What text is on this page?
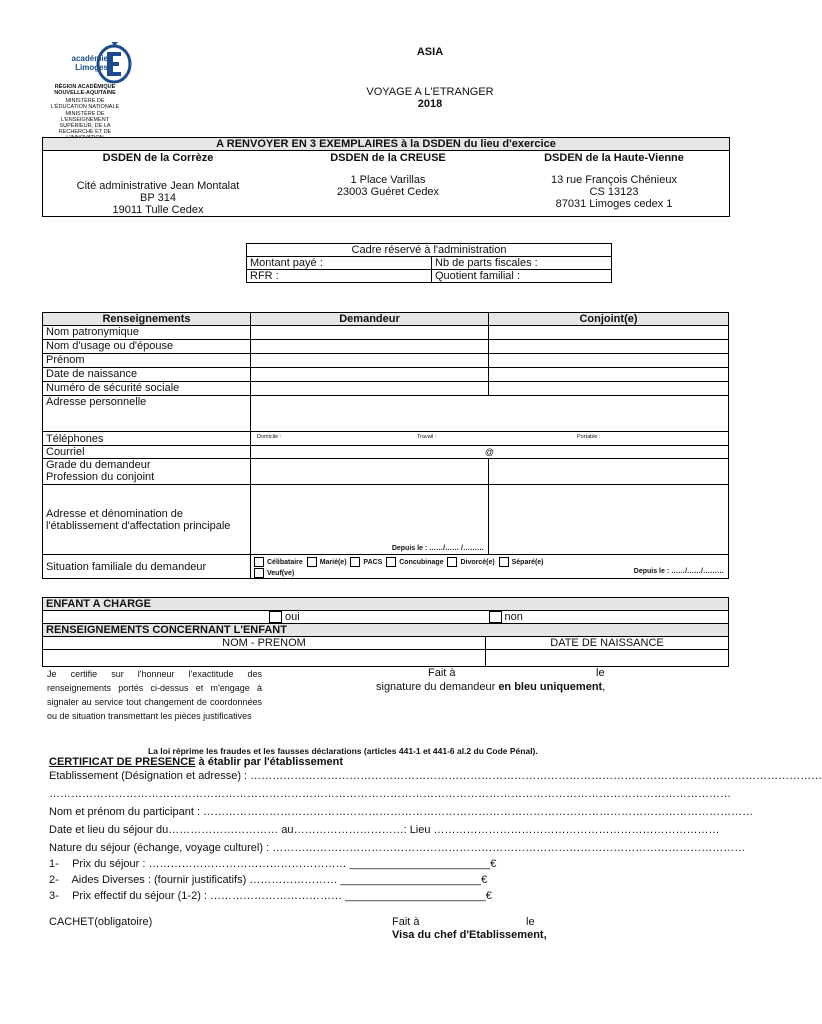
académie
Limoges
RÉGION ACADÉMIQUE NOUVELLE-AQUITAINE
MINISTÈRE DE L'ÉDUCATION NATIONALE
MINISTÈRE DE L'ENSEIGNEMENT SUPÉRIEUR, DE LA RECHERCHE ET DE
ASIA
VOYAGE A L'ETRANGER
2018
A RENVOYER EN 3 EXEMPLAIRES à la DSDEN du lieu d'exercice
DSDEN de la Corrèze
Cité administrative Jean Montalat
BP 314
19011 Tulle Cedex
DSDEN de la CREUSE
1 Place Varillas
23003 Guéret Cedex
DSDEN de la Haute-Vienne
13 rue François Chénieux
CS 13123
87031 Limoges cedex 1
Cadre réservé à l'administration	
Montant payé :	Nb de parts fiscales :
RFR :	Quotient familial :
Renseignements	Demandeur	Conjoint(e)
Nom patronymique		
Nom d'usage ou d'épouse		
Prénom		
Date de naissance		
Numéro de sécurité sociale		
Adresse personnelle		
Téléphones	Domicile : Travail : Portable :	

Courriel	@	

Grade du demandeur
Profession du conjoint		

Adresse et dénomination de l'établissement d'affectation principale	Depuis le : ……/…… /………	

Situation familiale du demandeur	Célibataire Marié(e) PACS Concubinage Divorcé(e) Séparé(e)
Veuf(ve) Depuis le : ……/……/………	
ENFANT A CHARGE	
oui	non
RENSEIGNEMENTS CONCERNANT L'ENFANT	
NOM - PRENOM	DATE DE NAISSANCE

Je certifie sur l'honneur l'exactitude des renseignements portés ci-dessus et m'engage à signaler au service tout changement de coordonnées ou de situation transmettant les pièces justificatives
Fait à	le
signature du demandeur en bleu uniquement,
La loi réprime les fraudes et les fausses déclarations (articles 441-1 et 441-6 al.2 du Code Pénal).
CERTIFICAT DE PRESENCE à établir par l'établissement
Etablissement (Désignation et adresse) : …………………………………………………………………………………………………………………………………………
……………………………………………………………………………………………………………………………………………………………………
Nom et prénom du participant : ……………………………………………………………………………………………………………………………………
Date et lieu du séjour du………………………… au…………………………: Lieu ……………………………………………………………………
Nature du séjour (échange, voyage culturel) : …………………………………………………………………………………………………………………
1- Prix du séjour : ……………………………………………… _______________________€
2- Aides Diverses : (fournir justificatifs) …………………… _______________________€
3- Prix effectif du séjour (1-2) : ……………………………… _______________________€
CACHET(obligatoire)	Fait à	le
Visa du chef d'Etablissement,
